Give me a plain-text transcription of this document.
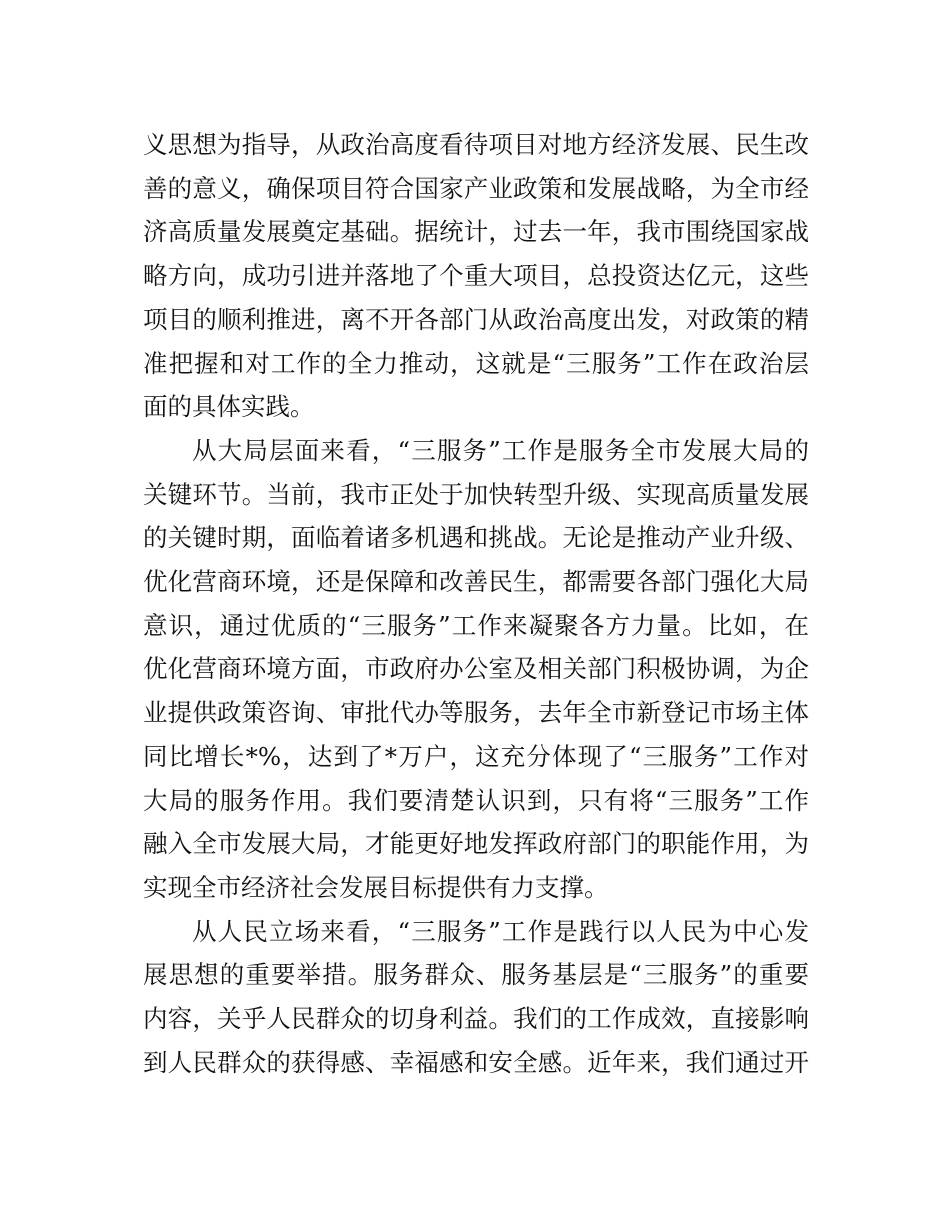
义思想为指导，从政治高度看待项目对地方经济发展、民生改
善的意义，确保项目符合国家产业政策和发展战略，为全市经
济高质量发展奠定基础。据统计，过去一年，我市围绕国家战
略方向，成功引进并落地了个重大项目，总投资达亿元，这些
项目的顺利推进，离不开各部门从政治高度出发，对政策的精
准把握和对工作的全力推动，这就是“三服务”工作在政治层
面的具体实践。
从大局层面来看，“三服务”工作是服务全市发展大局的
关键环节。当前，我市正处于加快转型升级、实现高质量发展
的关键时期，面临着诸多机遇和挑战。无论是推动产业升级、
优化营商环境，还是保障和改善民生，都需要各部门强化大局
意识，通过优质的“三服务”工作来凝聚各方力量。比如，在
优化营商环境方面，市政府办公室及相关部门积极协调，为企
业提供政策咨询、审批代办等服务，去年全市新登记市场主体
同比增长*%，达到了*万户，这充分体现了“三服务”工作对
大局的服务作用。我们要清楚认识到，只有将“三服务”工作
融入全市发展大局，才能更好地发挥政府部门的职能作用，为
实现全市经济社会发展目标提供有力支撑。
从人民立场来看，“三服务”工作是践行以人民为中心发
展思想的重要举措。服务群众、服务基层是“三服务”的重要
内容，关乎人民群众的切身利益。我们的工作成效，直接影响
到人民群众的获得感、幸福感和安全感。近年来，我们通过开
